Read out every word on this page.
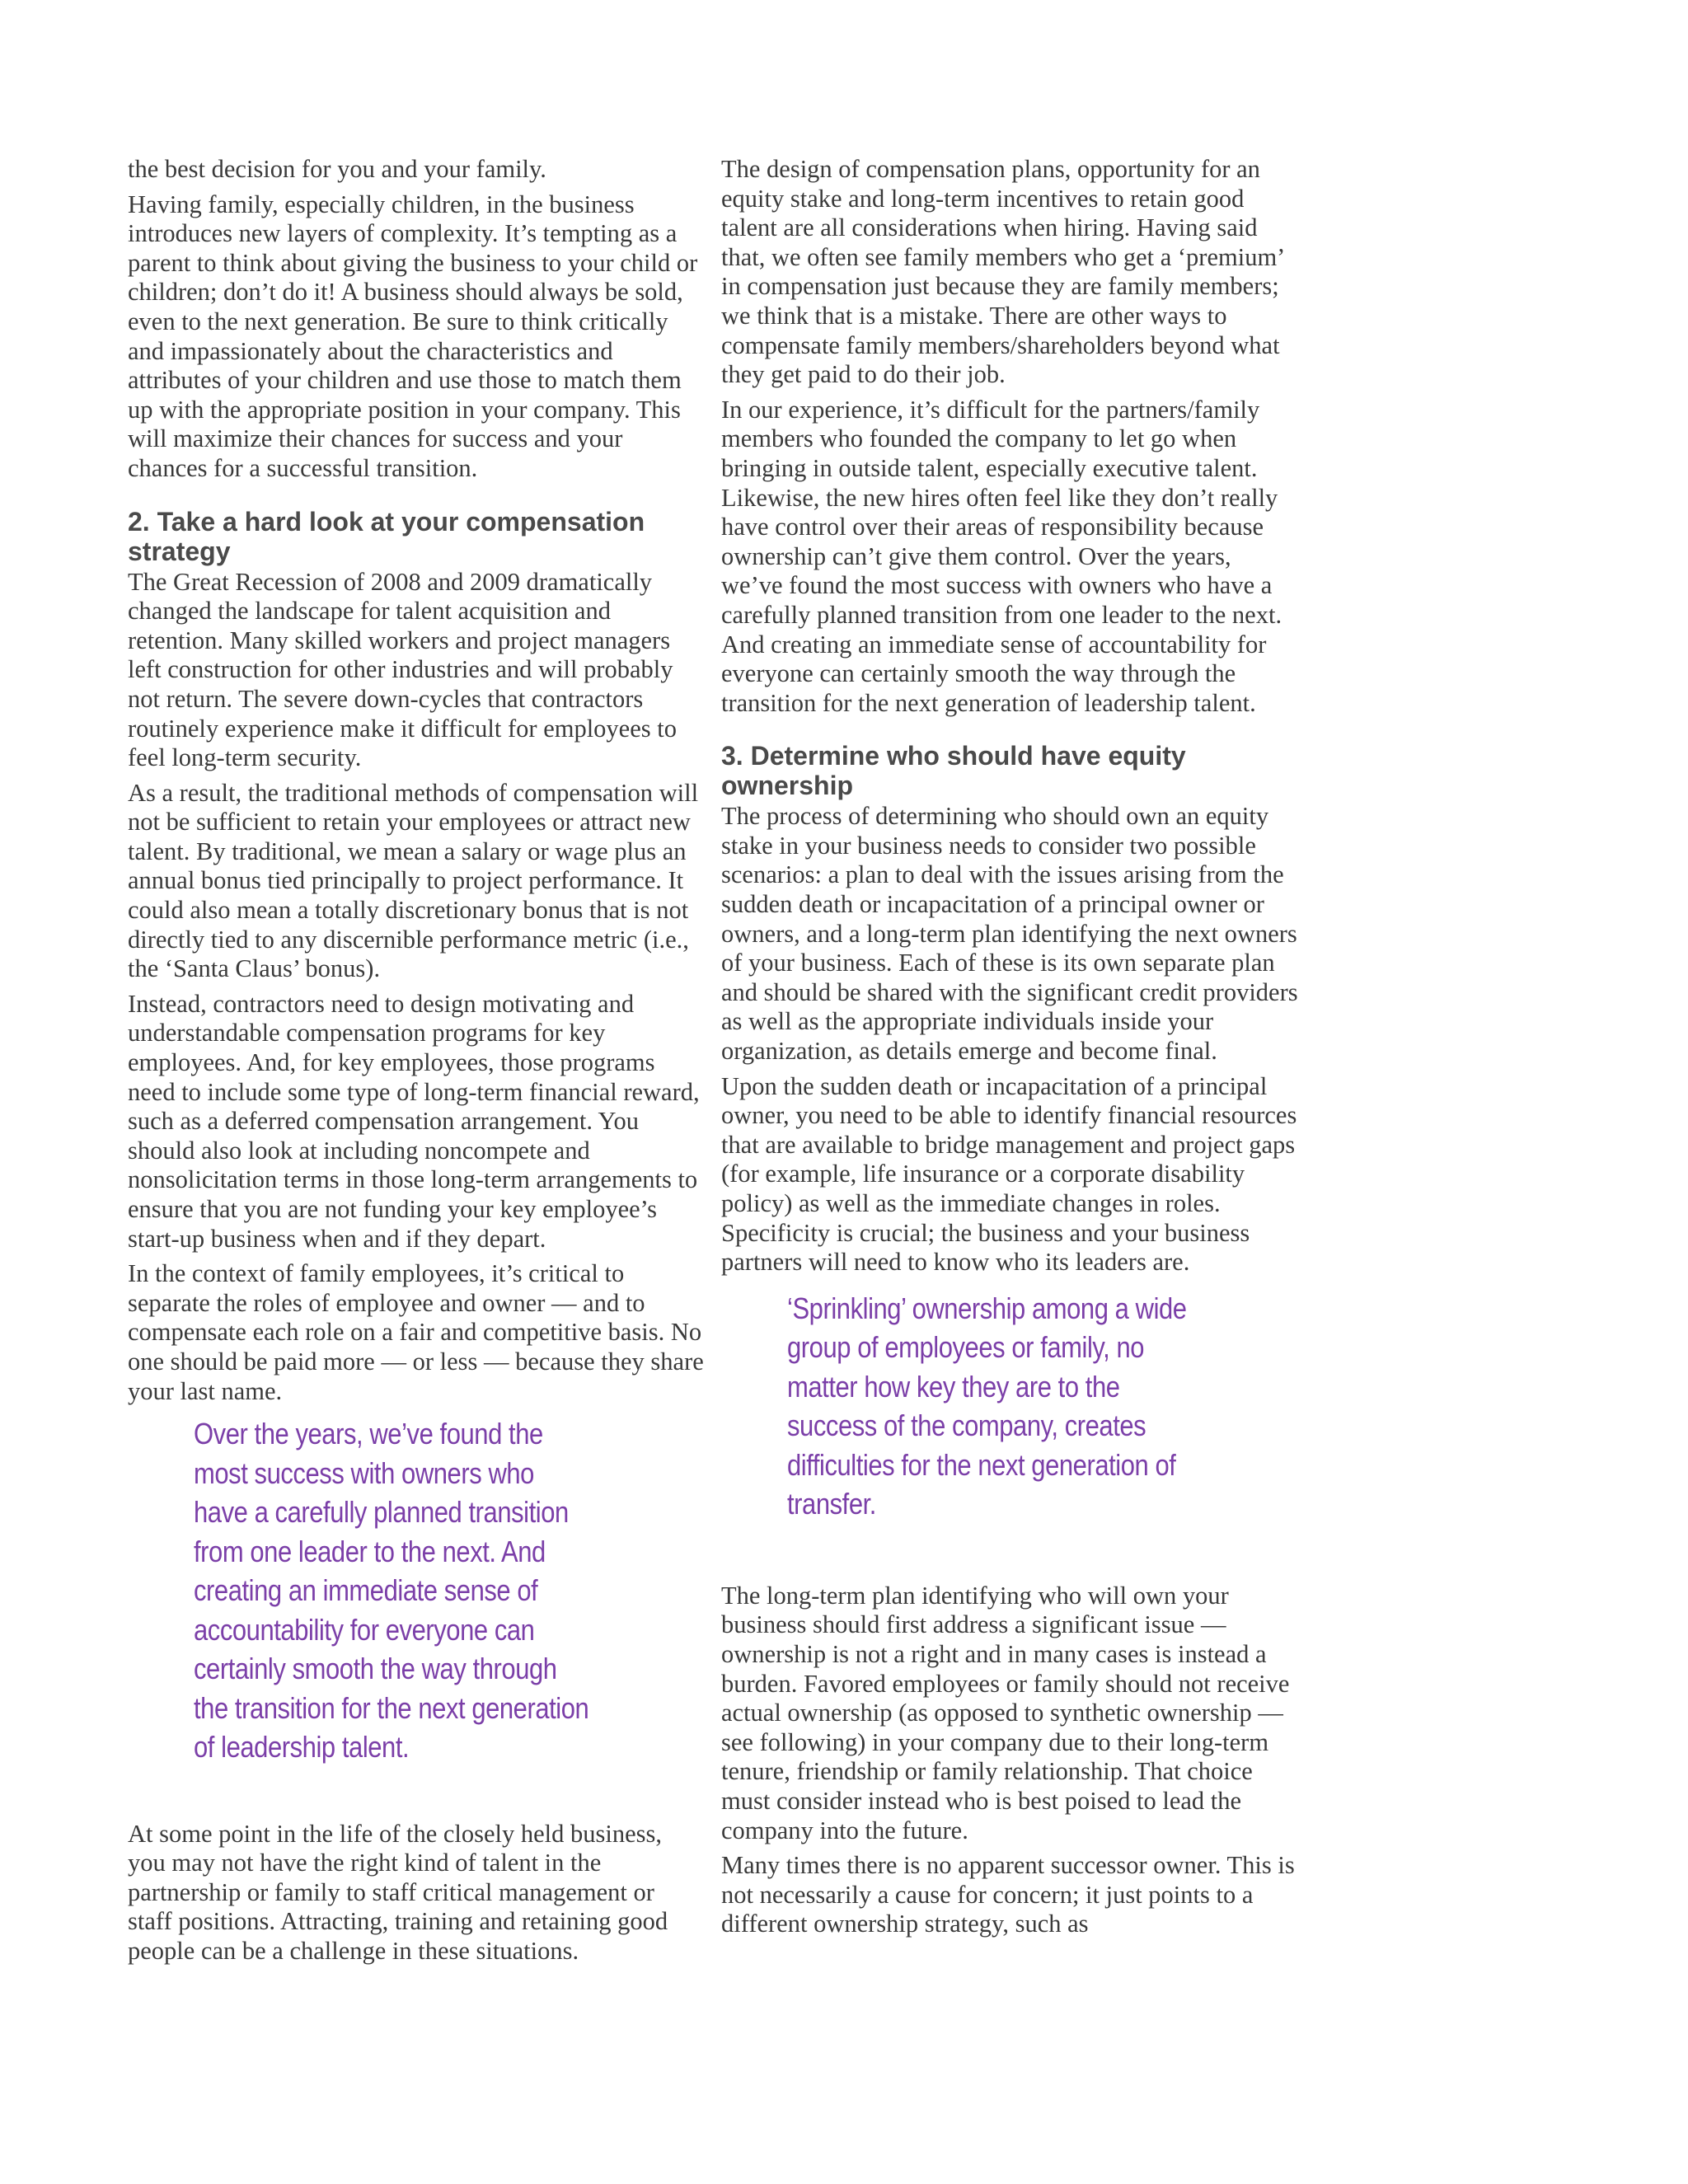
the best decision for you and your family.

Having family, especially children, in the business introduces new layers of complexity. It’s tempting as a parent to think about giving the business to your child or children; don’t do it! A business should always be sold, even to the next generation. Be sure to think critically and impassionately about the characteristics and attributes of your children and use those to match them up with the appropriate position in your company. This will maximize their chances for success and your chances for a successful transition.

2. Take a hard look at your compensation strategy

The Great Recession of 2008 and 2009 dramatically changed the landscape for talent acquisition and retention. Many skilled workers and project managers left construction for other industries and will probably not return. The severe down-cycles that contractors routinely experience make it difficult for employees to feel long-term security.

As a result, the traditional methods of compensation will not be sufficient to retain your employees or attract new talent. By traditional, we mean a salary or wage plus an annual bonus tied principally to project performance. It could also mean a totally discretionary bonus that is not directly tied to any discernible performance metric (i.e., the ‘Santa Claus’ bonus).

Instead, contractors need to design motivating and understandable compensation programs for key employees. And, for key employees, those programs need to include some type of long-term financial reward, such as a deferred compensation arrangement. You should also look at including noncompete and nonsolicitation terms in those long-term arrangements to ensure that you are not funding your key employee’s start-up business when and if they depart.

In the context of family employees, it’s critical to separate the roles of employee and owner — and to compensate each role on a fair and competitive basis. No one should be paid more — or less — because they share your last name.

Over the years, we’ve found the most success with owners who have a carefully planned transition from one leader to the next. And creating an immediate sense of accountability for everyone can certainly smooth the way through the transition for the next generation of leadership talent.

At some point in the life of the closely held business, you may not have the right kind of talent in the partnership or family to staff critical management or staff positions. Attracting, training and retaining good people can be a challenge in these situations.

The design of compensation plans, opportunity for an equity stake and long-term incentives to retain good talent are all considerations when hiring. Having said that, we often see family members who get a ‘premium’ in compensation just because they are family members; we think that is a mistake. There are other ways to compensate family members/shareholders beyond what they get paid to do their job.

In our experience, it’s difficult for the partners/family members who founded the company to let go when bringing in outside talent, especially executive talent. Likewise, the new hires often feel like they don’t really have control over their areas of responsibility because ownership can’t give them control. Over the years, we’ve found the most success with owners who have a carefully planned transition from one leader to the next. And creating an immediate sense of accountability for everyone can certainly smooth the way through the transition for the next generation of leadership talent.

3. Determine who should have equity ownership

The process of determining who should own an equity stake in your business needs to consider two possible scenarios: a plan to deal with the issues arising from the sudden death or incapacitation of a principal owner or owners, and a long-term plan identifying the next owners of your business. Each of these is its own separate plan and should be shared with the significant credit providers as well as the appropriate individuals inside your organization, as details emerge and become final.

Upon the sudden death or incapacitation of a principal owner, you need to be able to identify financial resources that are available to bridge management and project gaps (for example, life insurance or a corporate disability policy) as well as the immediate changes in roles. Specificity is crucial; the business and your business partners will need to know who its leaders are.

‘Sprinkling’ ownership among a wide group of employees or family, no matter how key they are to the success of the company, creates difficulties for the next generation of transfer.

The long-term plan identifying who will own your business should first address a significant issue — ownership is not a right and in many cases is instead a burden. Favored employees or family should not receive actual ownership (as opposed to synthetic ownership — see following) in your company due to their long-term tenure, friendship or family relationship. That choice must consider instead who is best poised to lead the company into the future.

Many times there is no apparent successor owner. This is not necessarily a cause for concern; it just points to a different ownership strategy, such as
